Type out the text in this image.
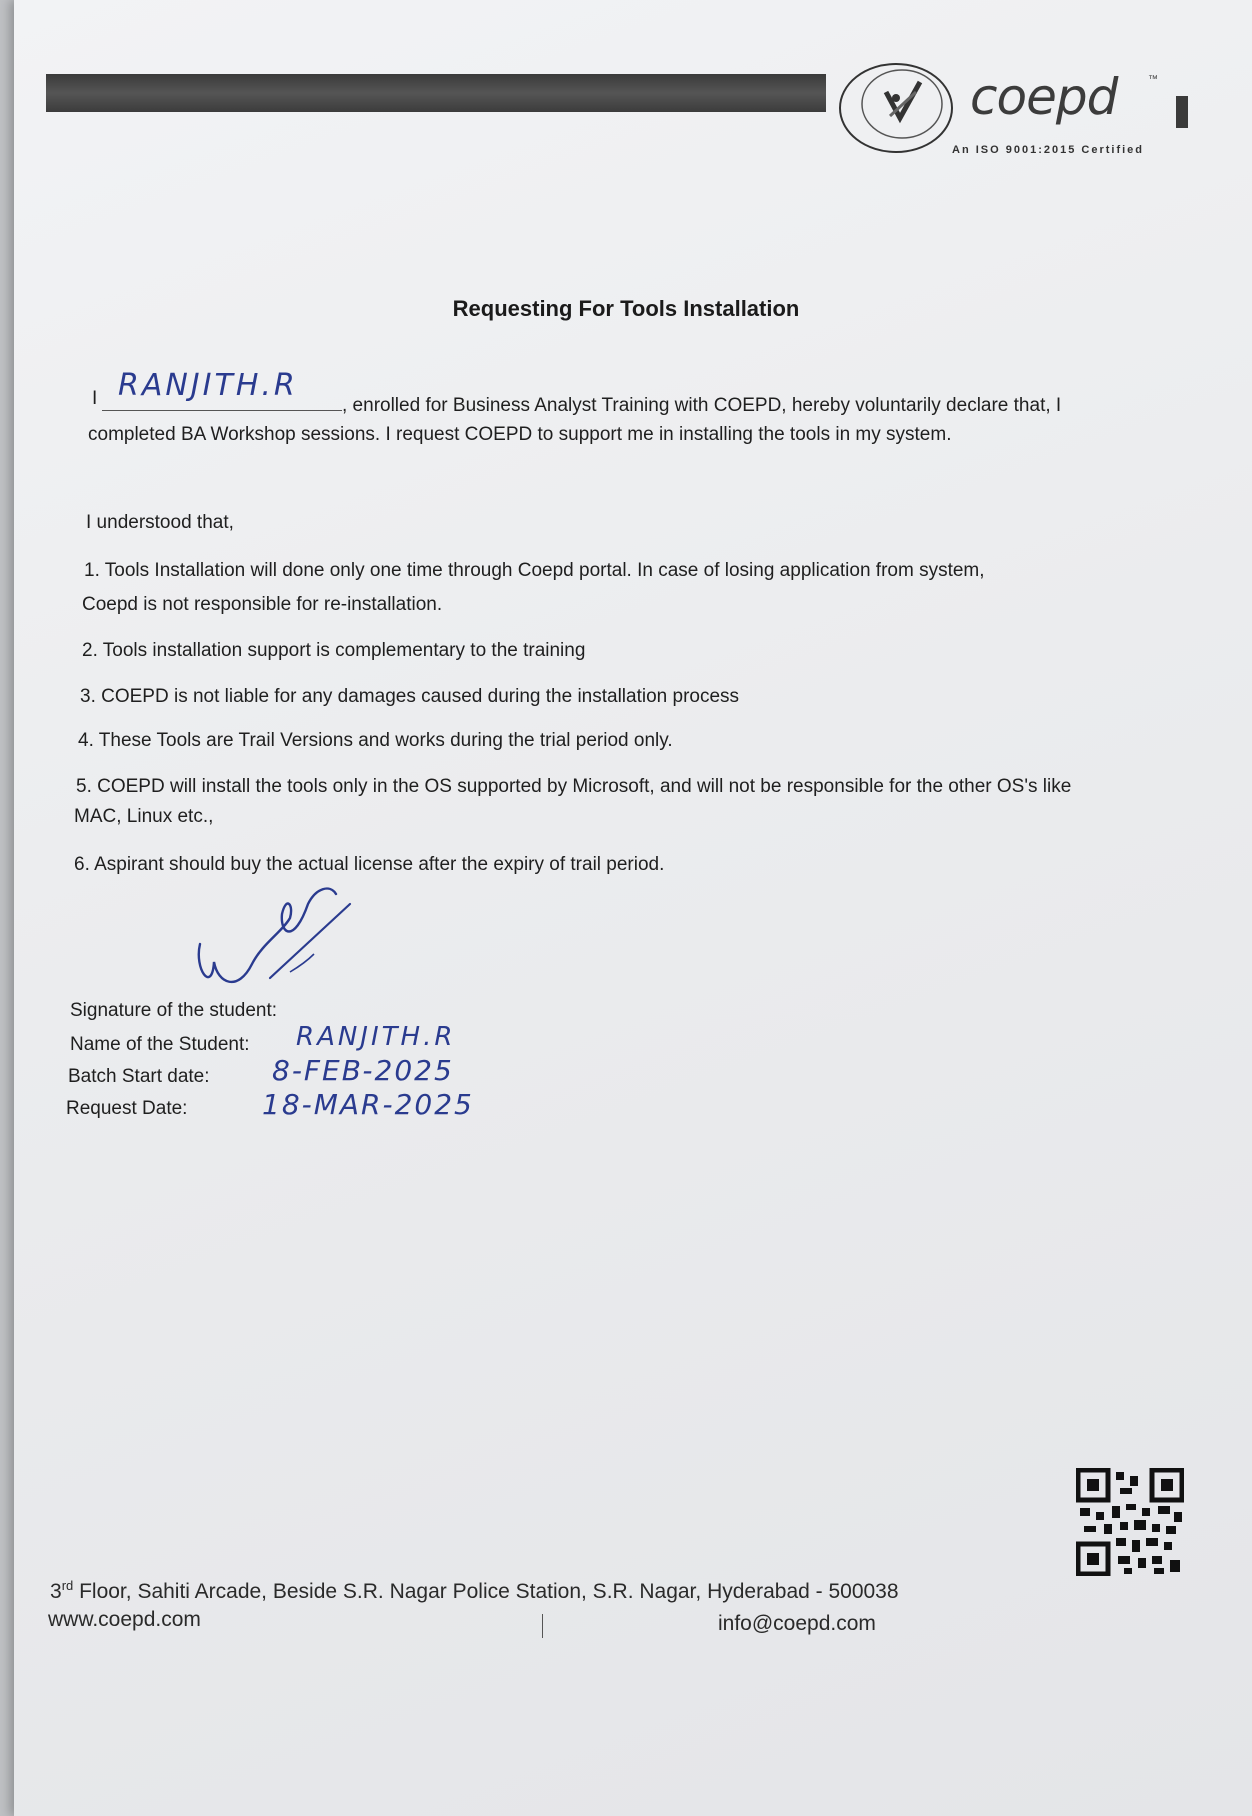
coepd	™
An ISO 9001:2015 Certified
Requesting For Tools Installation
I RANJITH.R
, enrolled for Business Analyst Training with COEPD, hereby voluntarily declare that, I
completed BA Workshop sessions. I request COEPD to support me in installing the tools in my system.
I understood that,
1. Tools Installation will done only one time through Coepd portal. In case of losing application from system,
Coepd is not responsible for re-installation.
2. Tools installation support is complementary to the training
3. COEPD is not liable for any damages caused during the installation process
4. These Tools are Trail Versions and works during the trial period only.
5. COEPD will install the tools only in the OS supported by Microsoft, and will not be responsible for the other OS's like
MAC, Linux etc.,
6. Aspirant should buy the actual license after the expiry of trail period.
Signature of the student:
Name of the Student: RANJITH.R
Batch Start date: 8-FEB-2025
Request Date:	18-MAR-2025
3rd Floor, Sahiti Arcade, Beside S.R. Nagar Police Station, S.R. Nagar, Hyderabad - 500038
www.coepd.com	info@coepd.com
